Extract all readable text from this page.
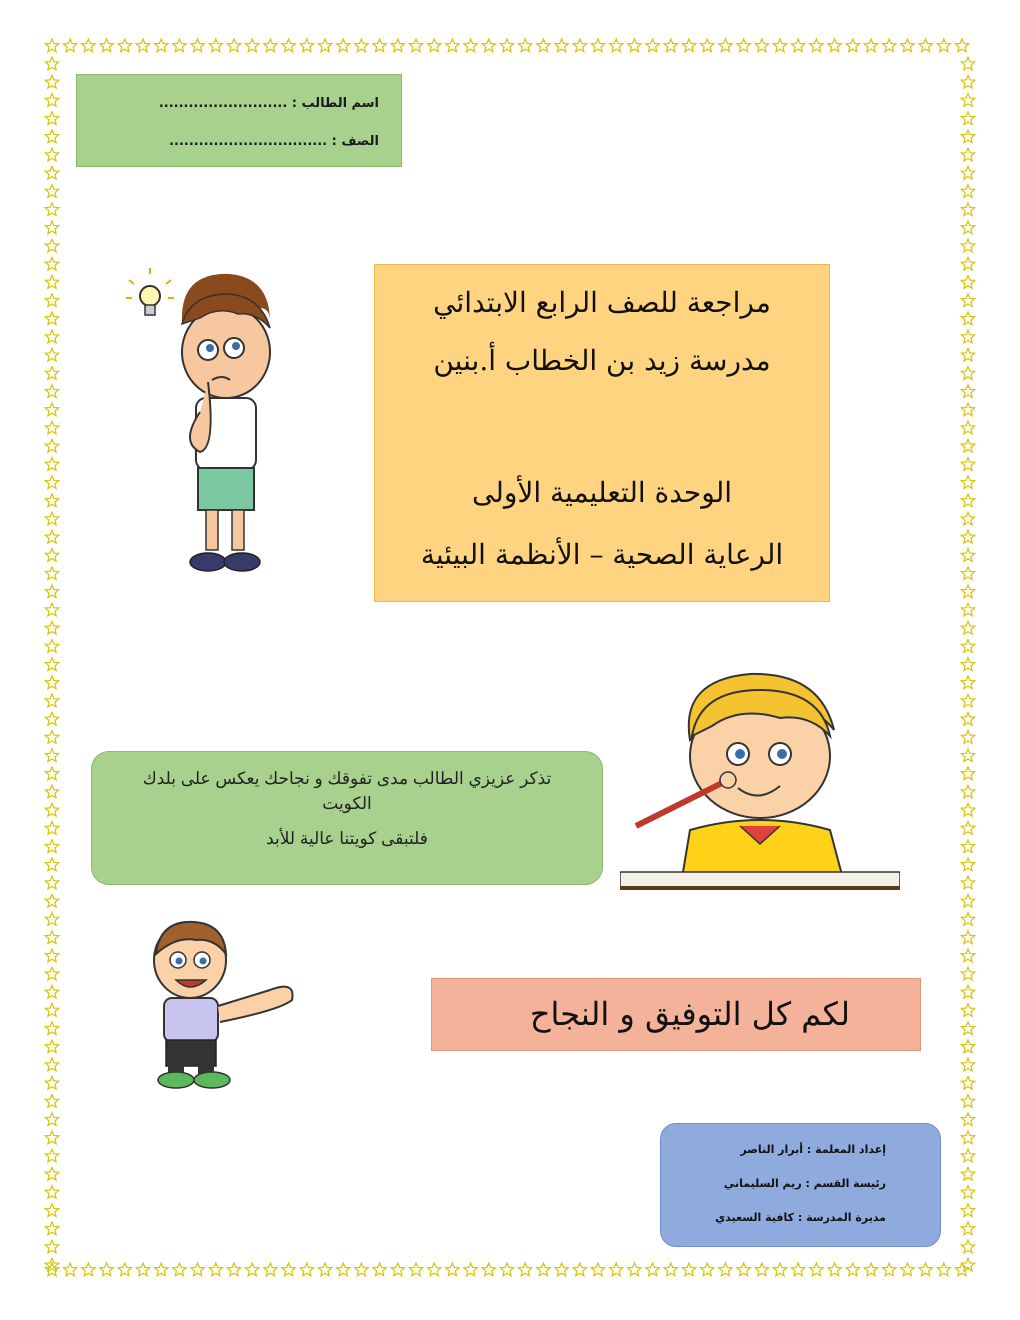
اسم الطالب : ..........................
الصف : ................................
مراجعة للصف الرابع الابتدائي
مدرسة زيد بن الخطاب أ.بنين
الوحدة التعليمية الأولى
الرعاية الصحية – الأنظمة البيئية

تذكر عزيزي الطالب مدى تفوقك و نجاحك يعكس على بلدك الكويت

فلتبقى كويتنا عالية للأبد

لكم كل التوفيق و النجاح
إعداد المعلمة : أبرار الناصر
رئيسة القسم : ريم السليماني
مديرة المدرسة : كافية السعيدي
